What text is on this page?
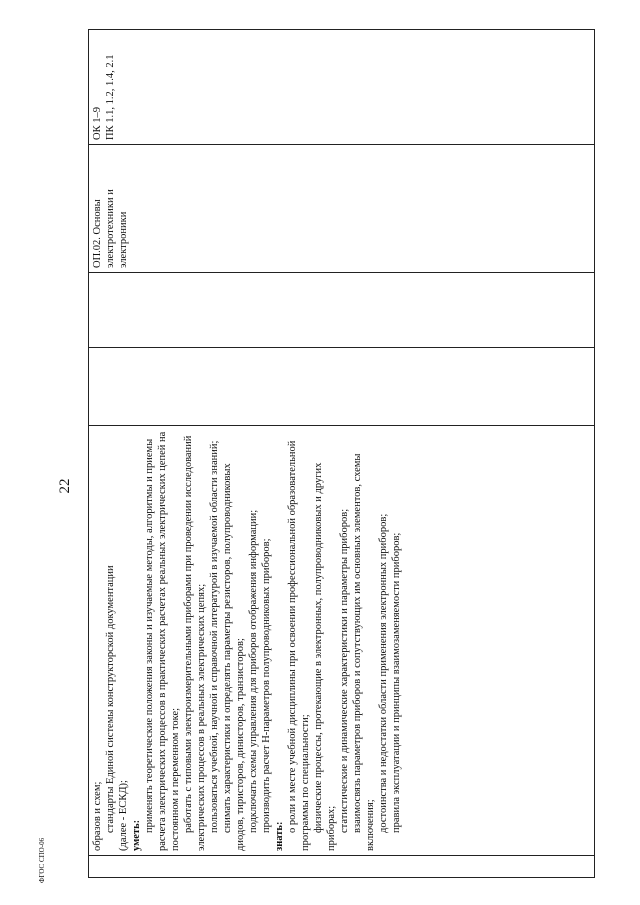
22
ФГОС СПО-06

образов и схем; стандарты Единой системы конструкторской документации (далее - ЕСКД); уметь:

применять теоретические положения законы и изучаемые методы, алгоритмы и приемы расчета электрических процессов в практических расчетах реальных электрических цепей на постоянном и переменном токе; работать с типовыми электроизмерительными приборами при проведении исследований электрических процессов в реальных электрических цепях; пользоваться учебной, научной и справочной литературой в изучаемой области знаний; снимать характеристики и определять параметры резисторов, полупроводниковых диодов, тиристоров, динисторов, транзисторов; подключать схемы управления для приборов отображения информации; производить расчет H-параметров полупроводниковых приборов;

знать:

о роли и месте учебной дисциплины при освоении профессиональной образовательной программы по специальности; физические процессы, протекающие в электронных, полупроводниковых и других приборах; статистические и динамические характеристики и параметры приборов; взаимосвязь параметров приборов и сопутствующих им основных элементов, схемы включения; достоинства и недостатки области применения электронных приборов; правила эксплуатации и принципы взаимозаменяемости приборов;

			ОП.02. Основы электротехники и электроники	ОК 1–9
ПК 1.1, 1.2, 1.4, 2.1
